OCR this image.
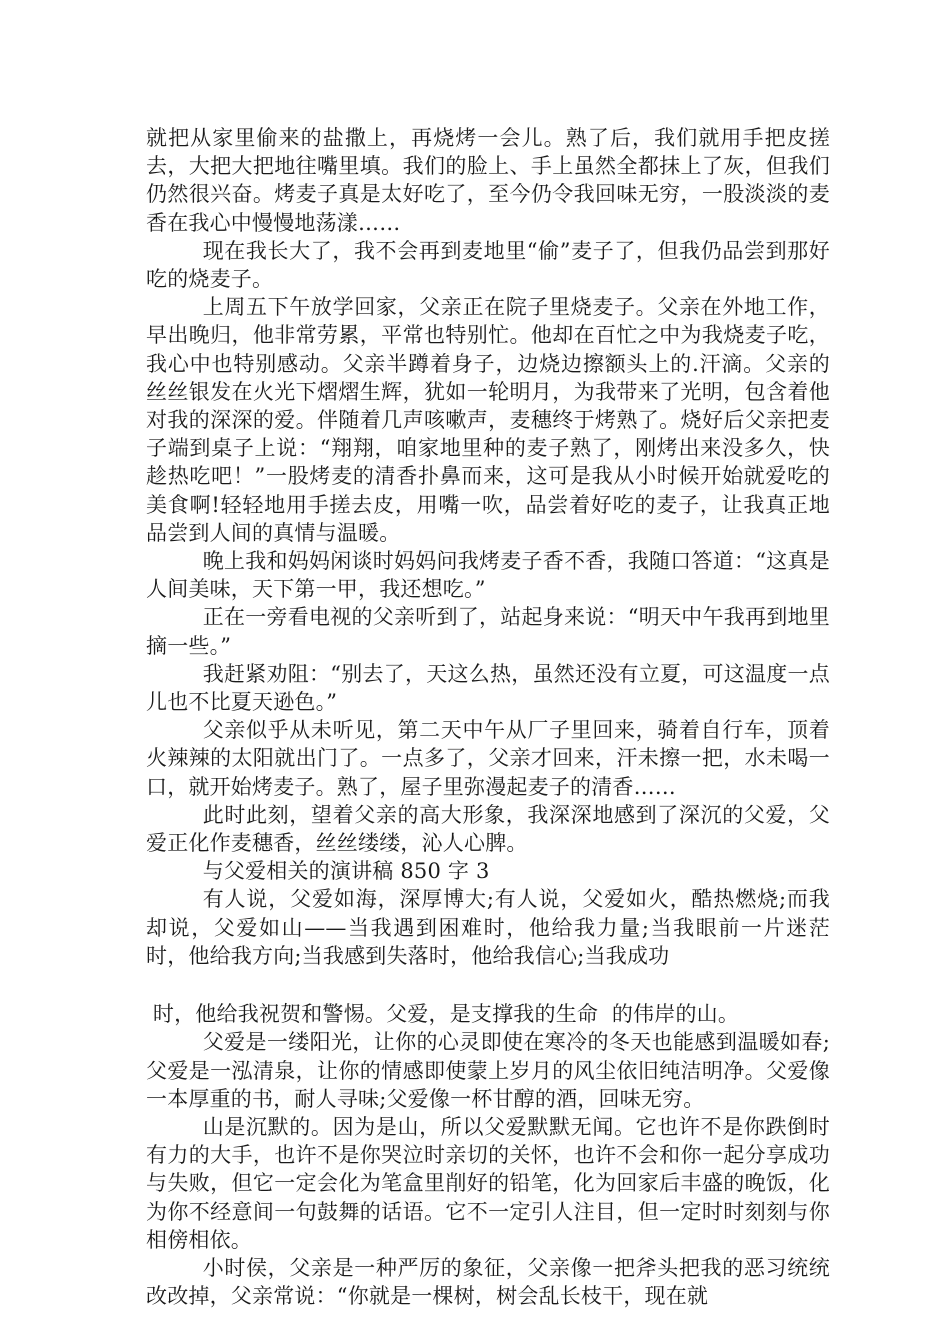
就把从家里偷来的盐撒上，再烧烤一会儿。熟了后，我们就用手把皮搓去，大把大把地往嘴里填。我们的脸上、手上虽然全都抹上了灰，但我们仍然很兴奋。烤麦子真是太好吃了，至今仍令我回味无穷，一股淡淡的麦香在我心中慢慢地荡漾……

现在我长大了，我不会再到麦地里“偷”麦子了，但我仍品尝到那好吃的烧麦子。

上周五下午放学回家，父亲正在院子里烧麦子。父亲在外地工作，早出晚归，他非常劳累，平常也特别忙。他却在百忙之中为我烧麦子吃，我心中也特别感动。父亲半蹲着身子，边烧边擦额头上的.汗滴。父亲的丝丝银发在火光下熠熠生辉，犹如一轮明月，为我带来了光明，包含着他对我的深深的爱。伴随着几声咳嗽声，麦穗终于烤熟了。烧好后父亲把麦子端到桌子上说：“翔翔，咱家地里种的麦子熟了，刚烤出来没多久，快趁热吃吧！”一股烤麦的清香扑鼻而来，这可是我从小时候开始就爱吃的美食啊!轻轻地用手搓去皮，用嘴一吹，品尝着好吃的麦子，让我真正地品尝到人间的真情与温暖。

晚上我和妈妈闲谈时妈妈问我烤麦子香不香，我随口答道：“这真是人间美味，天下第一甲，我还想吃。”

正在一旁看电视的父亲听到了，站起身来说：“明天中午我再到地里摘一些。”

我赶紧劝阻：“别去了，天这么热，虽然还没有立夏，可这温度一点儿也不比夏天逊色。”

父亲似乎从未听见，第二天中午从厂子里回来，骑着自行车，顶着火辣辣的太阳就出门了。一点多了，父亲才回来，汗未擦一把，水未喝一口，就开始烤麦子。熟了，屋子里弥漫起麦子的清香……

此时此刻，望着父亲的高大形象，我深深地感到了深沉的父爱，父爱正化作麦穗香，丝丝缕缕，沁人心脾。

与父爱相关的演讲稿 850 字 3

有人说，父爱如海，深厚博大;有人说，父爱如火，酷热燃烧;而我却说，父爱如山——当我遇到困难时，他给我力量;当我眼前一片迷茫时，他给我方向;当我感到失落时，他给我信心;当我成功

时，他给我祝贺和警惕。父爱，是支撑我的生命  的伟岸的山。

父爱是一缕阳光，让你的心灵即使在寒冷的冬天也能感到温暖如春;父爱是一泓清泉，让你的情感即使蒙上岁月的风尘依旧纯洁明净。父爱像一本厚重的书，耐人寻味;父爱像一杯甘醇的酒，回味无穷。

山是沉默的。因为是山，所以父爱默默无闻。它也许不是你跌倒时有力的大手，也许不是你哭泣时亲切的关怀，也许不会和你一起分享成功与失败，但它一定会化为笔盒里削好的铅笔，化为回家后丰盛的晚饭，化为你不经意间一句鼓舞的话语。它不一定引人注目，但一定时时刻刻与你相傍相依。

小时侯，父亲是一种严厉的象征，父亲像一把斧头把我的恶习统统改改掉，父亲常说：“你就是一棵树，树会乱长枝干，现在就
